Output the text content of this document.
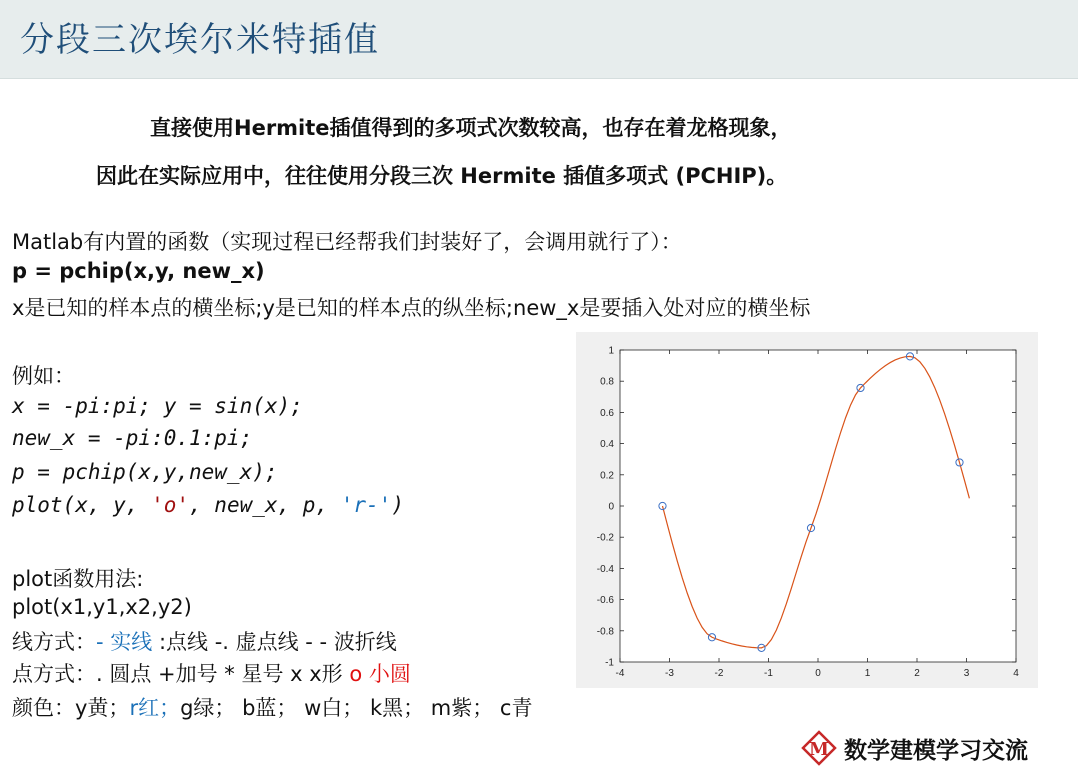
分段三次埃尔米特插值
直接使用Hermite插值得到的多项式次数较高，也存在着龙格现象，
因此在实际应用中，往往使用分段三次 Hermite 插值多项式 (PCHIP)。
Matlab有内置的函数（实现过程已经帮我们封装好了，会调用就行了）：
p = pchip(x,y, new_x)
x是已知的样本点的横坐标;y是已知的样本点的纵坐标;new_x是要插入处对应的横坐标
例如：
x = -pi:pi; y = sin(x);
new_x = -pi:0.1:pi;
p = pchip(x,y,new_x);
plot(x, y, 'o', new_x, p, 'r-')
plot函数用法:
plot(x1,y1,x2,y2)
线方式：- 实线 :点线 -. 虚点线 - - 波折线
点方式：. 圆点 +加号 * 星号 x x形 o 小圆
颜色：y黄；r红；g绿； b蓝； w白； k黑； m紫； c青
-4	-3	-2	-1	0	1	2	3	4
-1
-0.8
-0.6
-0.4
-0.2
0
0.2
0.4
0.6
0.8
1
M 数学建模学习交流
